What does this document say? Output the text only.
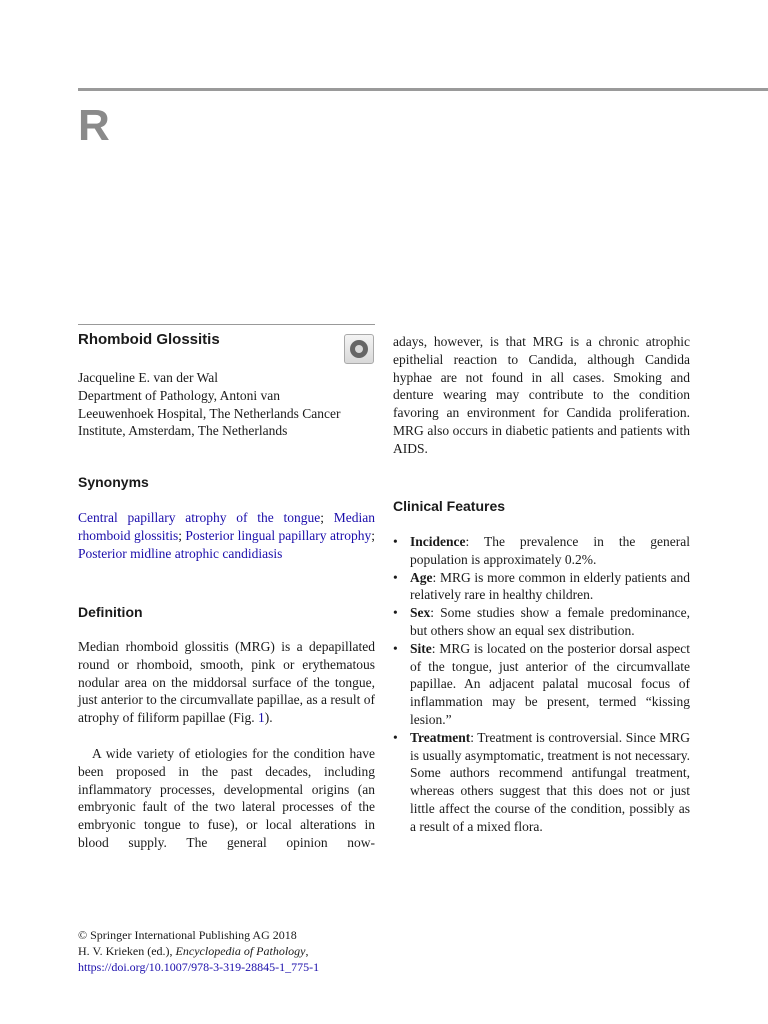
R
Rhomboid Glossitis
Jacqueline E. van der Wal
Department of Pathology, Antoni van
Leeuwenhoek Hospital, The Netherlands Cancer
Institute, Amsterdam, The Netherlands
Synonyms
Central papillary atrophy of the tongue; Median rhomboid glossitis; Posterior lingual papillary atrophy; Posterior midline atrophic candidiasis
Definition
Median rhomboid glossitis (MRG) is a depapillated round or rhomboid, smooth, pink or erythematous nodular area on the middorsal surface of the tongue, just anterior to the circumvallate papillae, as a result of atrophy of filiform papillae (Fig. 1).
A wide variety of etiologies for the condition have been proposed in the past decades, including inflammatory processes, developmental origins (an embryonic fault of the two lateral processes of the embryonic tongue to fuse), or local alterations in blood supply. The general opinion now-
adays, however, is that MRG is a chronic atrophic epithelial reaction to Candida, although Candida hyphae are not found in all cases. Smoking and denture wearing may contribute to the condition favoring an environment for Candida proliferation. MRG also occurs in diabetic patients and patients with AIDS.
Clinical Features
• Incidence: The prevalence in the general population is approximately 0.2%.
• Age: MRG is more common in elderly patients and relatively rare in healthy children.
• Sex: Some studies show a female predominance, but others show an equal sex distribution.
• Site: MRG is located on the posterior dorsal aspect of the tongue, just anterior of the circumvallate papillae. An adjacent palatal mucosal focus of inflammation may be present, termed “kissing lesion.”
• Treatment: Treatment is controversial. Since MRG is usually asymptomatic, treatment is not necessary. Some authors recommend antifungal treatment, whereas others suggest that this does not or just little affect the course of the condition, possibly as a result of a mixed flora.
© Springer International Publishing AG 2018
H. V. Krieken (ed.), Encyclopedia of Pathology,
https://doi.org/10.1007/978-3-319-28845-1_775-1
